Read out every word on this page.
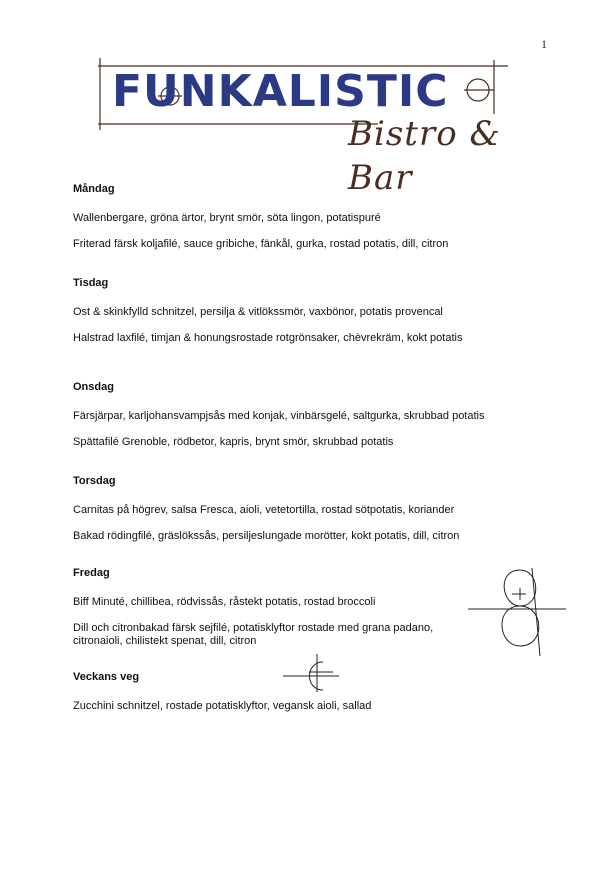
1
FUNKALISTIC
Bistro & Bar
Måndag
Wallenbergare, gröna ärtor, brynt smör, söta lingon, potatispuré
Friterad färsk koljafilé, sauce gribiche, fänkål, gurka, rostad potatis, dill, citron
Tisdag
Ost & skinkfylld schnitzel, persilja & vitlökssmör, vaxbönor, potatis provencal
Halstrad laxfilé, timjan & honungsrostade rotgrönsaker, chèvrekräm, kokt potatis
Onsdag
Färsjärpar, karljohansvampjsås med konjak, vinbärsgelé, saltgurka, skrubbad potatis
Spättafilé Grenoble, rödbetor, kapris, brynt smör, skrubbad potatis
Torsdag
Carnitas på högrev, salsa Fresca, aioli, vetetortilla, rostad sötpotatis, koriander
Bakad rödingfilé, gräslökssås, persiljeslungade morötter, kokt potatis, dill, citron
Fredag
Biff Minuté, chillibea, rödvissås, råstekt potatis, rostad broccoli
Dill och citronbakad färsk sejfilé, potatisklyftor rostade med grana padano, citronaioli, chilistekt spenat, dill, citron
Veckans veg
Zucchini schnitzel, rostade potatisklyftor, vegansk aioli, sallad
